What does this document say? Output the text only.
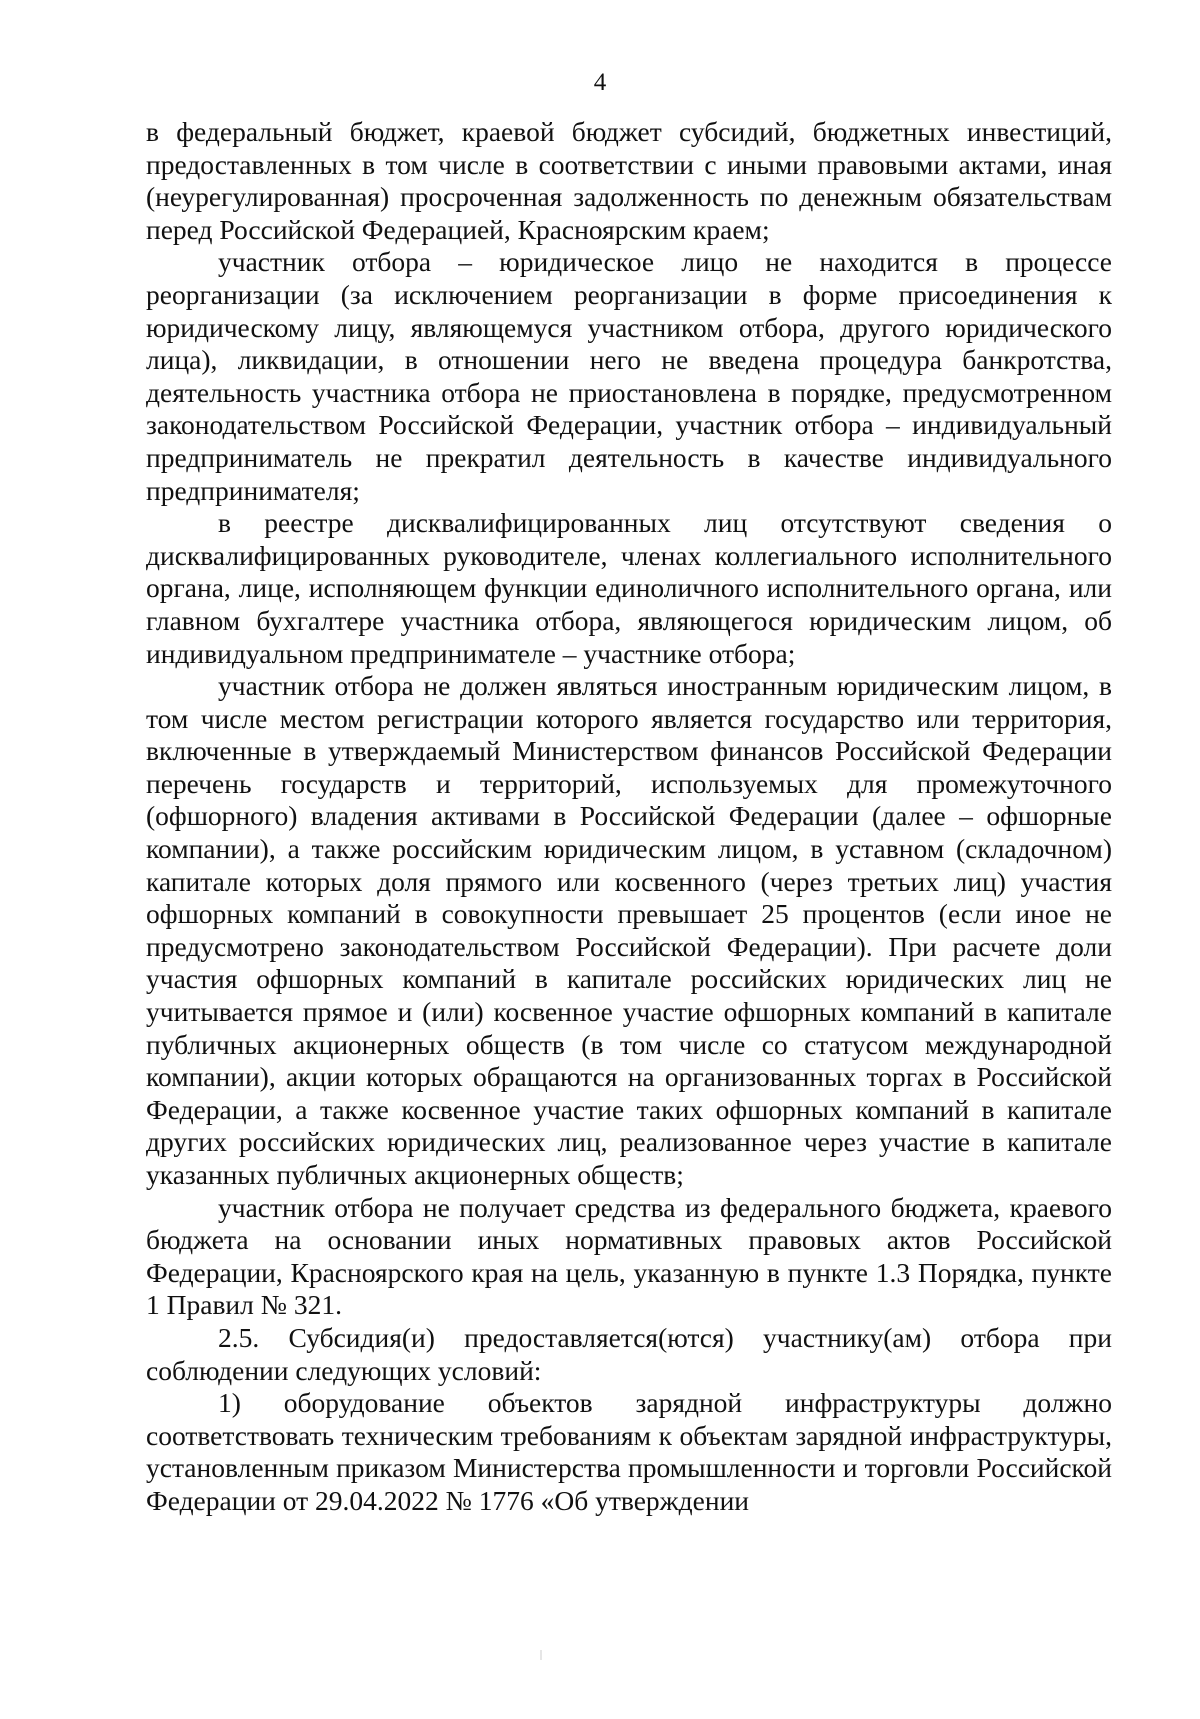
4

в федеральный бюджет, краевой бюджет субсидий, бюджетных инвестиций, предоставленных в том числе в соответствии с иными правовыми актами, иная (неурегулированная) просроченная задолженность по денежным обязательствам перед Российской Федерацией, Красноярским краем;

участник отбора – юридическое лицо не находится в процессе реорганизации (за исключением реорганизации в форме присоединения к юридическому лицу, являющемуся участником отбора, другого юридического лица), ликвидации, в отношении него не введена процедура банкротства, деятельность участника отбора не приостановлена в порядке, предусмотренном законодательством Российской Федерации, участник отбора – индивидуальный предприниматель не прекратил деятельность в качестве индивидуального предпринимателя;

в реестре дисквалифицированных лиц отсутствуют сведения о дисквалифицированных руководителе, членах коллегиального исполнительного органа, лице, исполняющем функции единоличного исполнительного органа, или главном бухгалтере участника отбора, являющегося юридическим лицом, об индивидуальном предпринимателе – участнике отбора;

участник отбора не должен являться иностранным юридическим лицом, в том числе местом регистрации которого является государство или территория, включенные в утверждаемый Министерством финансов Российской Федерации перечень государств и территорий, используемых для промежуточного (офшорного) владения активами в Российской Федерации (далее – офшорные компании), а также российским юридическим лицом, в уставном (складочном) капитале которых доля прямого или косвенного (через третьих лиц) участия офшорных компаний в совокупности превышает 25 процентов (если иное не предусмотрено законодательством Российской Федерации). При расчете доли участия офшорных компаний в капитале российских юридических лиц не учитывается прямое и (или) косвенное участие офшорных компаний в капитале публичных акционерных обществ (в том числе со статусом международной компании), акции которых обращаются на организованных торгах в Российской Федерации, а также косвенное участие таких офшорных компаний в капитале других российских юридических лиц, реализованное через участие в капитале указанных публичных акционерных обществ;

участник отбора не получает средства из федерального бюджета, краевого бюджета на основании иных нормативных правовых актов Российской Федерации, Красноярского края на цель, указанную в пункте 1.3 Порядка, пункте 1 Правил № 321.

2.5. Субсидия(и) предоставляется(ются) участнику(ам) отбора при соблюдении следующих условий:

1) оборудование объектов зарядной инфраструктуры должно соответствовать техническим требованиям к объектам зарядной инфраструктуры, установленным приказом Министерства промышленности и торговли Российской Федерации от 29.04.2022 № 1776 «Об утверждении
